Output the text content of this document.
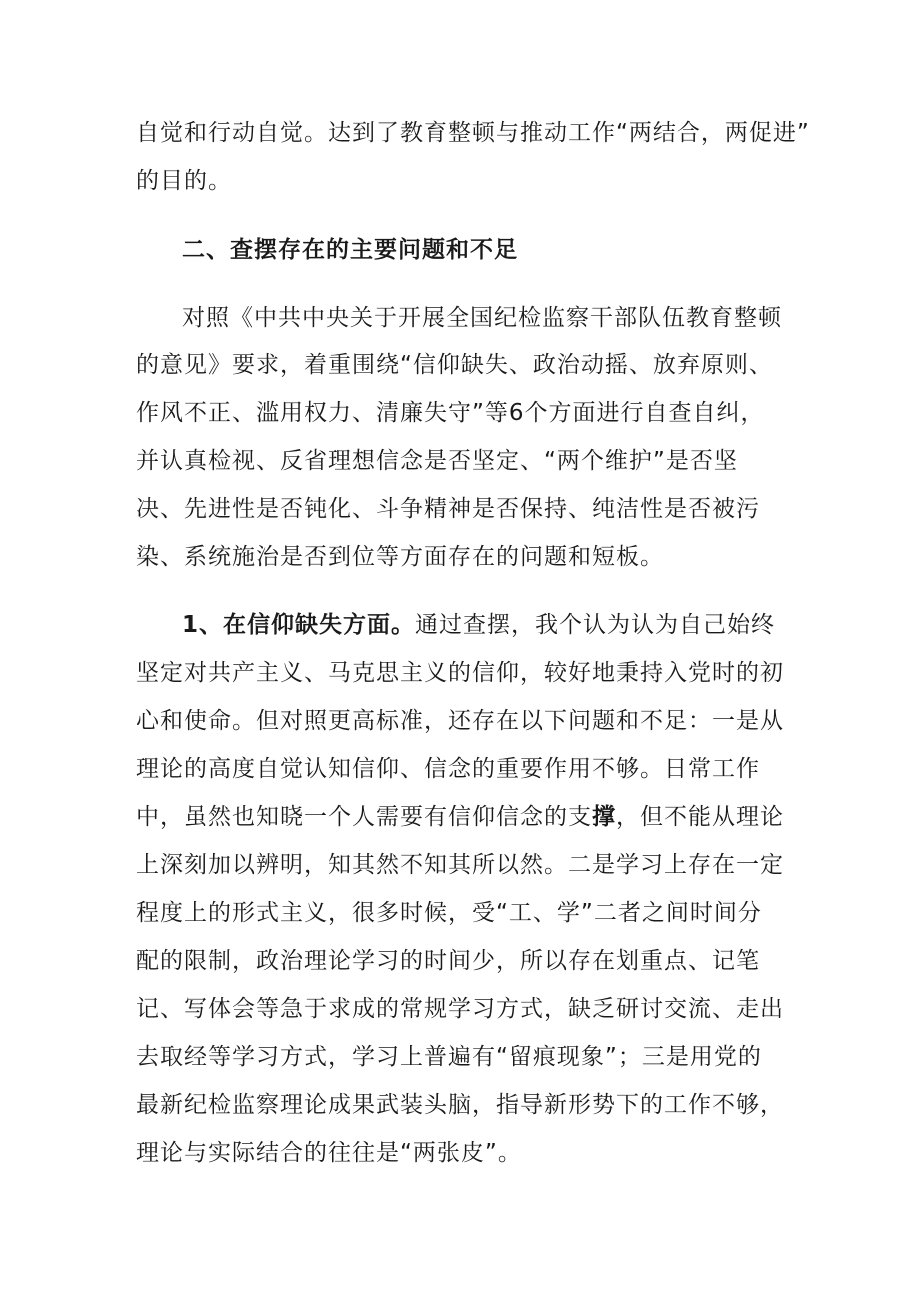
自觉和行动自觉。达到了教育整顿与推动工作“两结合，两促进”
的目的。
二、查摆存在的主要问题和不足
对照《中共中央关于开展全国纪检监察干部队伍教育整顿
的意见》要求，着重围绕“信仰缺失、政治动摇、放弃原则、
作风不正、滥用权力、清廉失守”等6个方面进行自查自纠，
并认真检视、反省理想信念是否坚定、“两个维护”是否坚
决、先进性是否钝化、斗争精神是否保持、纯洁性是否被污
染、系统施治是否到位等方面存在的问题和短板。
1、在信仰缺失方面。通过查摆，我个认为认为自己始终
坚定对共产主义、马克思主义的信仰，较好地秉持入党时的初
心和使命。但对照更高标准，还存在以下问题和不足：一是从
理论的高度自觉认知信仰、信念的重要作用不够。日常工作
中，虽然也知晓一个人需要有信仰信念的支撑，但不能从理论
上深刻加以辨明，知其然不知其所以然。二是学习上存在一定
程度上的形式主义，很多时候，受“工、学”二者之间时间分
配的限制，政治理论学习的时间少，所以存在划重点、记笔
记、写体会等急于求成的常规学习方式，缺乏研讨交流、走出
去取经等学习方式，学习上普遍有“留痕现象”；三是用党的
最新纪检监察理论成果武装头脑，指导新形势下的工作不够，
理论与实际结合的往往是“两张皮”。
